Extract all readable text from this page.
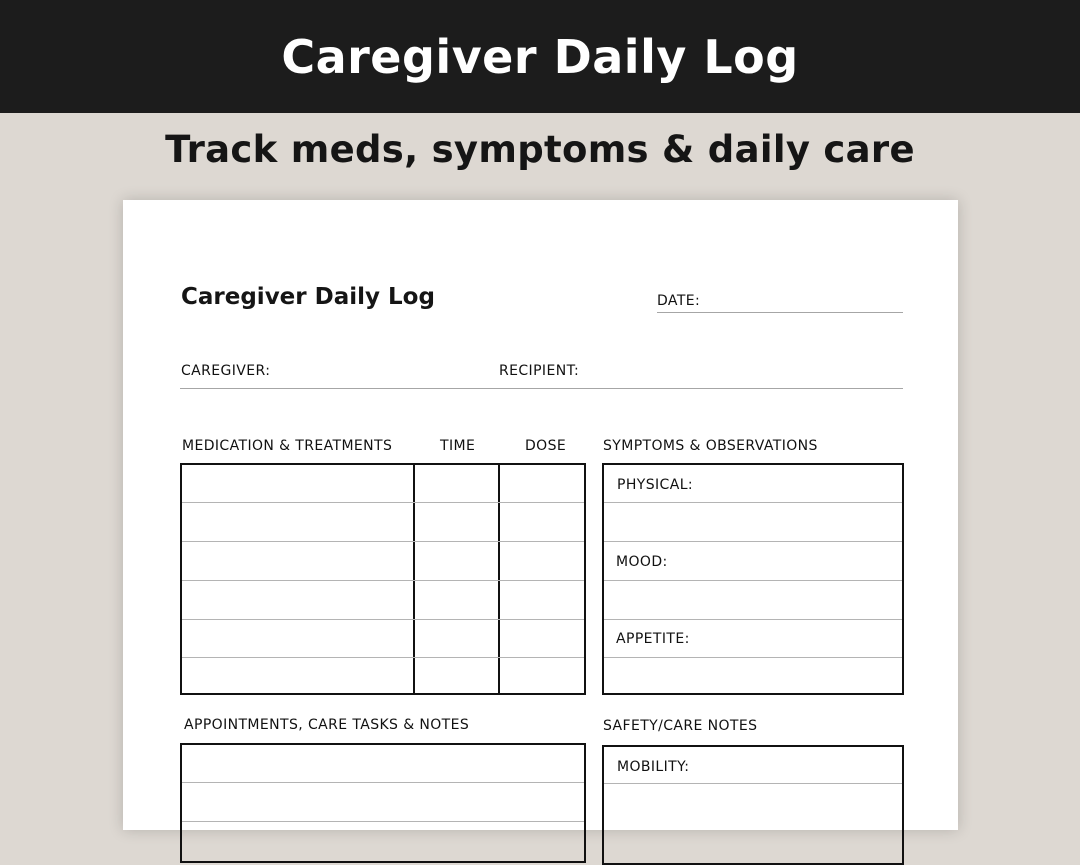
Caregiver Daily Log
Track meds, symptoms & daily care
Caregiver Daily Log	DATE:
CAREGIVER:	RECIPIENT:
MEDICATION & TREATMENTS	TIME	DOSE	SYMPTOMS & OBSERVATIONS
PHYSICAL:
MOOD:
APPETITE:
APPOINTMENTS, CARE TASKS & NOTES	SAFETY/CARE NOTES
MOBILITY:
